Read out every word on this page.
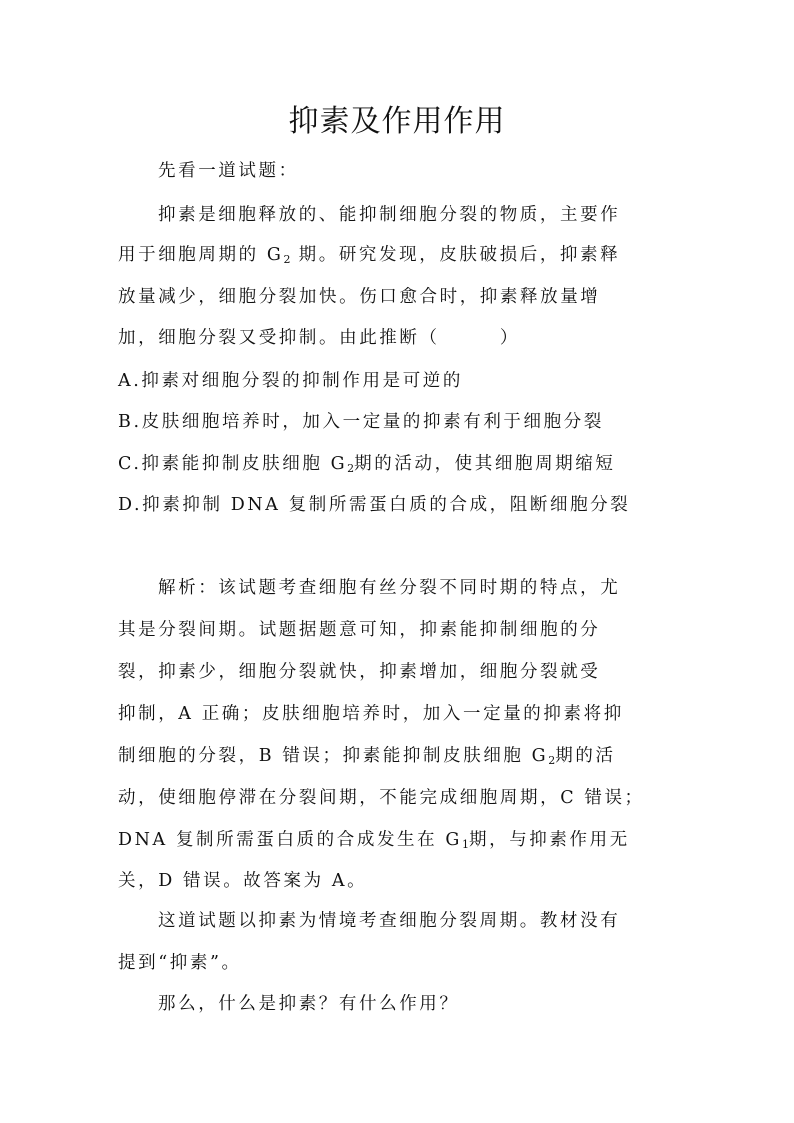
抑素及作用作用
先看一道试题：
抑素是细胞释放的、能抑制细胞分裂的物质，主要作
用于细胞周期的 $G_2$ 期。研究发现，皮肤破损后，抑素释
放量减少，细胞分裂加快。伤口愈合时，抑素释放量增
加，细胞分裂又受抑制。由此推断（　　　）
A.抑素对细胞分裂的抑制作用是可逆的
B.皮肤细胞培养时，加入一定量的抑素有利于细胞分裂
C.抑素能抑制皮肤细胞 $G_2$期的活动，使其细胞周期缩短
D.抑素抑制 DNA 复制所需蛋白质的合成，阻断细胞分裂
解析：该试题考查细胞有丝分裂不同时期的特点，尤
其是分裂间期。试题据题意可知，抑素能抑制细胞的分
裂，抑素少，细胞分裂就快，抑素增加，细胞分裂就受
抑制，A 正确；皮肤细胞培养时，加入一定量的抑素将抑
制细胞的分裂，B 错误；抑素能抑制皮肤细胞 $G_2$期的活
动，使细胞停滞在分裂间期，不能完成细胞周期，C 错误；
DNA 复制所需蛋白质的合成发生在 $G_1$期，与抑素作用无
关，D 错误。故答案为 A。
这道试题以抑素为情境考查细胞分裂周期。教材没有
提到“抑素”。
那么，什么是抑素？有什么作用？
